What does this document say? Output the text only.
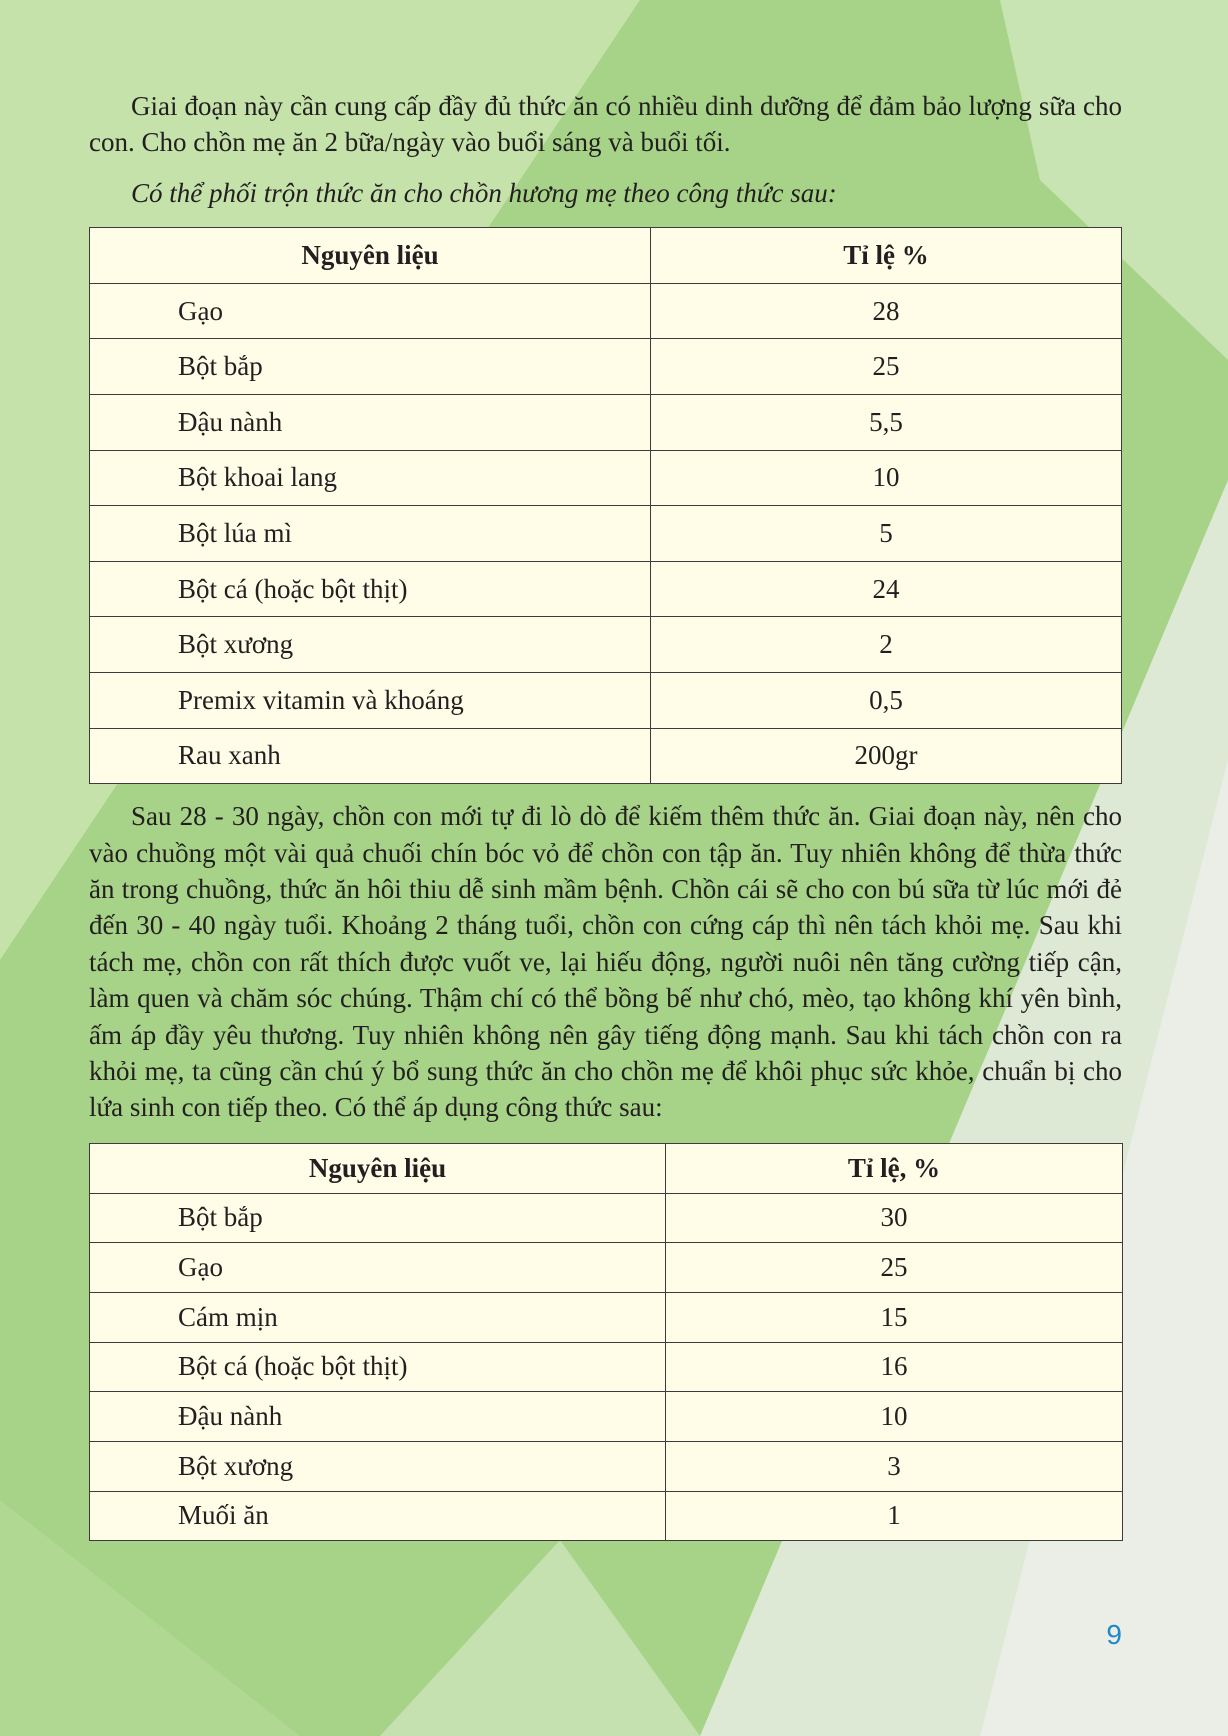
Giai đoạn này cần cung cấp đầy đủ thức ăn có nhiều dinh dưỡng để đảm bảo lượng sữa cho con. Cho chồn mẹ ăn 2 bữa/ngày vào buổi sáng và buổi tối.

Có thể phối trộn thức ăn cho chồn hương mẹ theo công thức sau:

Nguyên liệu	Tỉ lệ %
Gạo	28
Bột bắp	25
Đậu nành	5,5
Bột khoai lang	10
Bột lúa mì	5
Bột cá (hoặc bột thịt)	24
Bột xương	2
Premix vitamin và khoáng	0,5
Rau xanh	200gr

Sau 28 - 30 ngày, chồn con mới tự đi lò dò để kiếm thêm thức ăn. Giai đoạn này, nên cho vào chuồng một vài quả chuối chín bóc vỏ để chồn con tập ăn. Tuy nhiên không để thừa thức ăn trong chuồng, thức ăn hôi thiu dễ sinh mầm bệnh. Chồn cái sẽ cho con bú sữa từ lúc mới đẻ đến 30 - 40 ngày tuổi. Khoảng 2 tháng tuổi, chồn con cứng cáp thì nên tách khỏi mẹ. Sau khi tách mẹ, chồn con rất thích được vuốt ve, lại hiếu động, người nuôi nên tăng cường tiếp cận, làm quen và chăm sóc chúng. Thậm chí có thể bồng bế như chó, mèo, tạo không khí yên bình, ấm áp đầy yêu thương. Tuy nhiên không nên gây tiếng động mạnh. Sau khi tách chồn con ra khỏi mẹ, ta cũng cần chú ý bổ sung thức ăn cho chồn mẹ để khôi phục sức khỏe, chuẩn bị cho lứa sinh con tiếp theo. Có thể áp dụng công thức sau:

Nguyên liệu	Tỉ lệ, %
Bột bắp	30
Gạo	25
Cám mịn	15
Bột cá (hoặc bột thịt)	16
Đậu nành	10
Bột xương	3
Muối ăn	1
9
